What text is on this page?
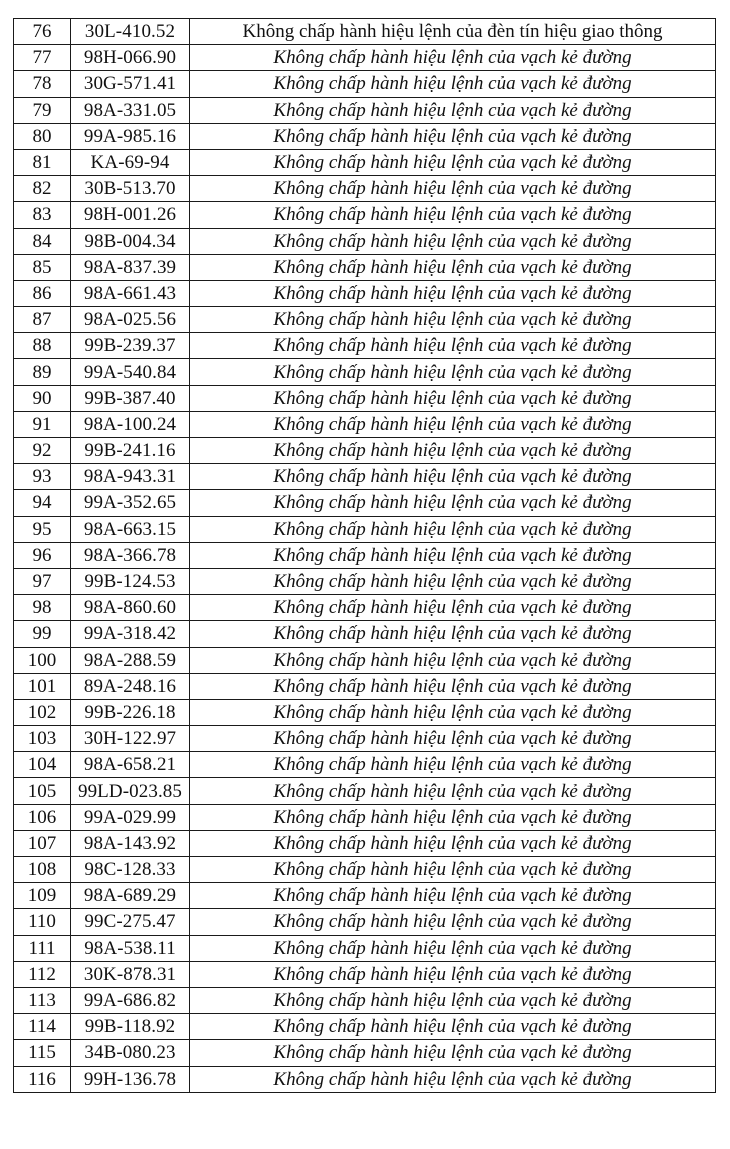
76	30L-410.52	Không chấp hành hiệu lệnh của đèn tín hiệu giao thông
77	98H-066.90	Không chấp hành hiệu lệnh của vạch kẻ đường
78	30G-571.41	Không chấp hành hiệu lệnh của vạch kẻ đường
79	98A-331.05	Không chấp hành hiệu lệnh của vạch kẻ đường
80	99A-985.16	Không chấp hành hiệu lệnh của vạch kẻ đường
81	KA-69-94	Không chấp hành hiệu lệnh của vạch kẻ đường
82	30B-513.70	Không chấp hành hiệu lệnh của vạch kẻ đường
83	98H-001.26	Không chấp hành hiệu lệnh của vạch kẻ đường
84	98B-004.34	Không chấp hành hiệu lệnh của vạch kẻ đường
85	98A-837.39	Không chấp hành hiệu lệnh của vạch kẻ đường
86	98A-661.43	Không chấp hành hiệu lệnh của vạch kẻ đường
87	98A-025.56	Không chấp hành hiệu lệnh của vạch kẻ đường
88	99B-239.37	Không chấp hành hiệu lệnh của vạch kẻ đường
89	99A-540.84	Không chấp hành hiệu lệnh của vạch kẻ đường
90	99B-387.40	Không chấp hành hiệu lệnh của vạch kẻ đường
91	98A-100.24	Không chấp hành hiệu lệnh của vạch kẻ đường
92	99B-241.16	Không chấp hành hiệu lệnh của vạch kẻ đường
93	98A-943.31	Không chấp hành hiệu lệnh của vạch kẻ đường
94	99A-352.65	Không chấp hành hiệu lệnh của vạch kẻ đường
95	98A-663.15	Không chấp hành hiệu lệnh của vạch kẻ đường
96	98A-366.78	Không chấp hành hiệu lệnh của vạch kẻ đường
97	99B-124.53	Không chấp hành hiệu lệnh của vạch kẻ đường
98	98A-860.60	Không chấp hành hiệu lệnh của vạch kẻ đường
99	99A-318.42	Không chấp hành hiệu lệnh của vạch kẻ đường
100	98A-288.59	Không chấp hành hiệu lệnh của vạch kẻ đường
101	89A-248.16	Không chấp hành hiệu lệnh của vạch kẻ đường
102	99B-226.18	Không chấp hành hiệu lệnh của vạch kẻ đường
103	30H-122.97	Không chấp hành hiệu lệnh của vạch kẻ đường
104	98A-658.21	Không chấp hành hiệu lệnh của vạch kẻ đường
105	99LD-023.85	Không chấp hành hiệu lệnh của vạch kẻ đường
106	99A-029.99	Không chấp hành hiệu lệnh của vạch kẻ đường
107	98A-143.92	Không chấp hành hiệu lệnh của vạch kẻ đường
108	98C-128.33	Không chấp hành hiệu lệnh của vạch kẻ đường
109	98A-689.29	Không chấp hành hiệu lệnh của vạch kẻ đường
110	99C-275.47	Không chấp hành hiệu lệnh của vạch kẻ đường
111	98A-538.11	Không chấp hành hiệu lệnh của vạch kẻ đường
112	30K-878.31	Không chấp hành hiệu lệnh của vạch kẻ đường
113	99A-686.82	Không chấp hành hiệu lệnh của vạch kẻ đường
114	99B-118.92	Không chấp hành hiệu lệnh của vạch kẻ đường
115	34B-080.23	Không chấp hành hiệu lệnh của vạch kẻ đường
116	99H-136.78	Không chấp hành hiệu lệnh của vạch kẻ đường
